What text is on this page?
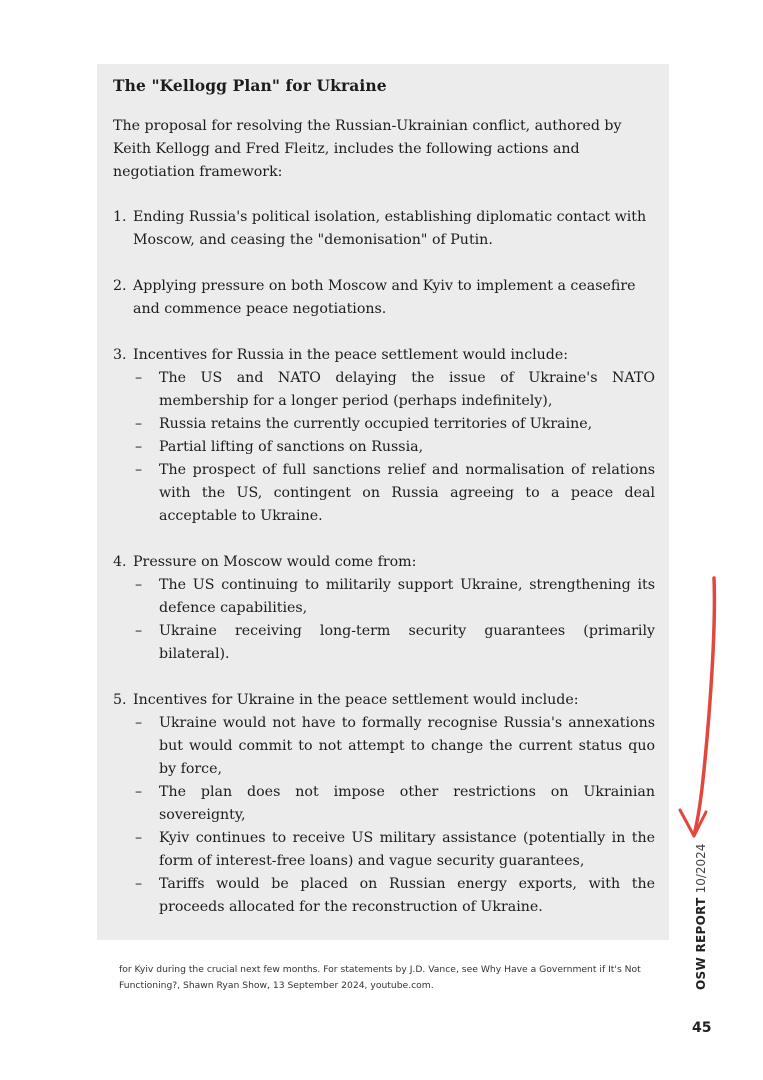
The "Kellogg Plan" for Ukraine

The proposal for resolving the Russian-Ukrainian conflict, authored by Keith Kellogg and Fred Fleitz, includes the following actions and negotiation framework:

1. Ending Russia's political isolation, establishing diplomatic contact with Moscow, and ceasing the "demonisation" of Putin.
2. Applying pressure on both Moscow and Kyiv to implement a ceasefire and commence peace negotiations.
3. Incentives for Russia in the peace settlement would include:
– The US and NATO delaying the issue of Ukraine's NATO membership for a longer period (perhaps indefinitely),
– Russia retains the currently occupied territories of Ukraine,
– Partial lifting of sanctions on Russia,
– The prospect of full sanctions relief and normalisation of relations with the US, contingent on Russia agreeing to a peace deal acceptable to Ukraine.
4. Pressure on Moscow would come from:
– The US continuing to militarily support Ukraine, strengthening its defence capabilities,
– Ukraine receiving long-term security guarantees (primarily bilateral).
5. Incentives for Ukraine in the peace settlement would include:
– Ukraine would not have to formally recognise Russia's annexations but would commit to not attempt to change the current status quo by force,
– The plan does not impose other restrictions on Ukrainian sovereignty,
– Kyiv continues to receive US military assistance (potentially in the form of interest-free loans) and vague security guarantees,
– Tariffs would be placed on Russian energy exports, with the proceeds allocated for the reconstruction of Ukraine.
for Kyiv during the crucial next few months. For statements by J.D. Vance, see Why Have a Government if It's Not Functioning?, Shawn Ryan Show, 13 September 2024, youtube.com.	OSW REPORT10/2024
45
